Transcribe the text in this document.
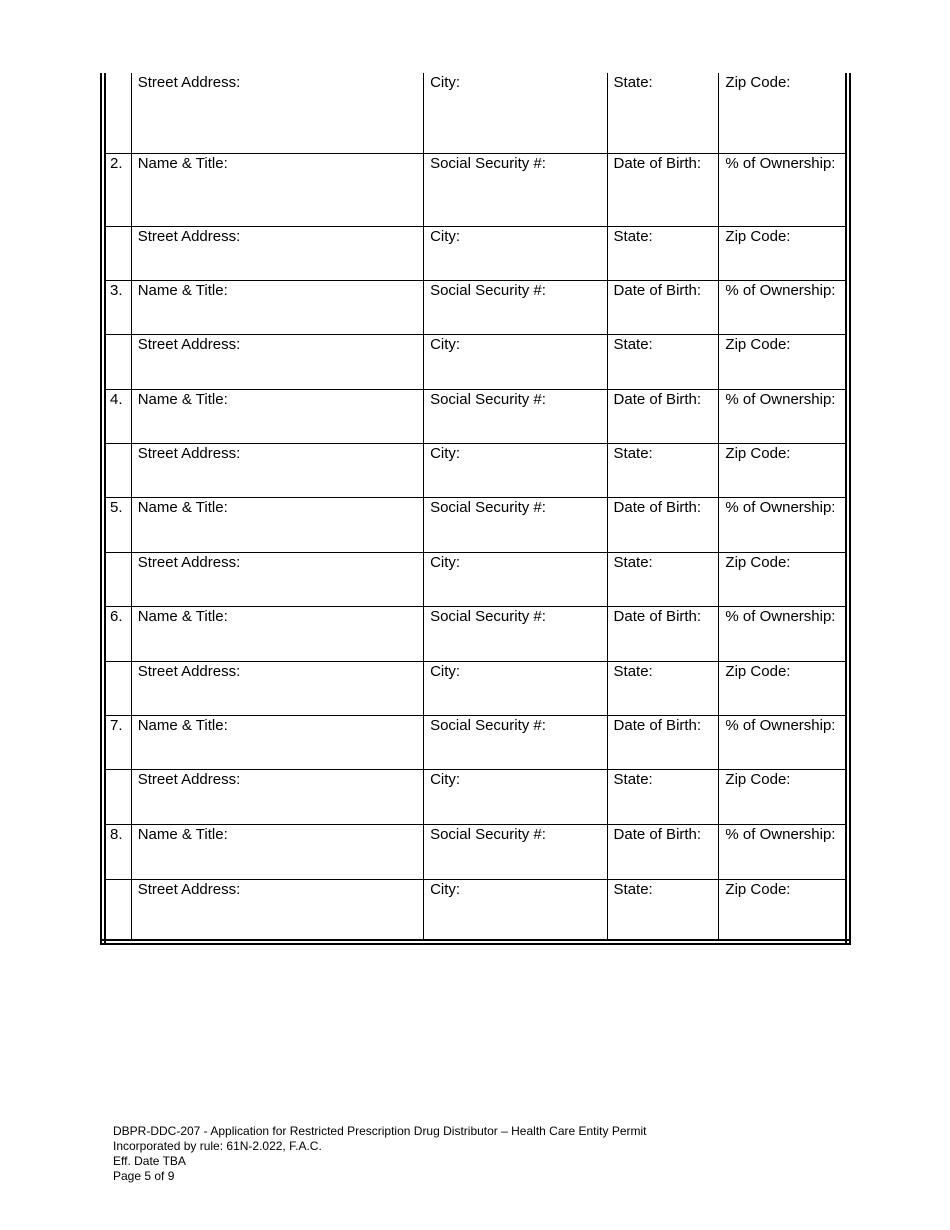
	Street Address:	City:	State:	Zip Code:
2.	Name & Title:	Social Security #:	Date of Birth:	% of Ownership:
	Street Address:	City:	State:	Zip Code:
3.	Name & Title:	Social Security #:	Date of Birth:	% of Ownership:
	Street Address:	City:	State:	Zip Code:
4.	Name & Title:	Social Security #:	Date of Birth:	% of Ownership:
	Street Address:	City:	State:	Zip Code:
5.	Name & Title:	Social Security #:	Date of Birth:	% of Ownership:
	Street Address:	City:	State:	Zip Code:
6.	Name & Title:	Social Security #:	Date of Birth:	% of Ownership:
	Street Address:	City:	State:	Zip Code:
7.	Name & Title:	Social Security #:	Date of Birth:	% of Ownership:
	Street Address:	City:	State:	Zip Code:
8.	Name & Title:	Social Security #:	Date of Birth:	% of Ownership:
	Street Address:	City:	State:	Zip Code:
DBPR-DDC-207 - Application for Restricted Prescription Drug Distributor – Health Care Entity Permit
Incorporated by rule: 61N-2.022, F.A.C.
Eff. Date TBA
Page 5 of 9
